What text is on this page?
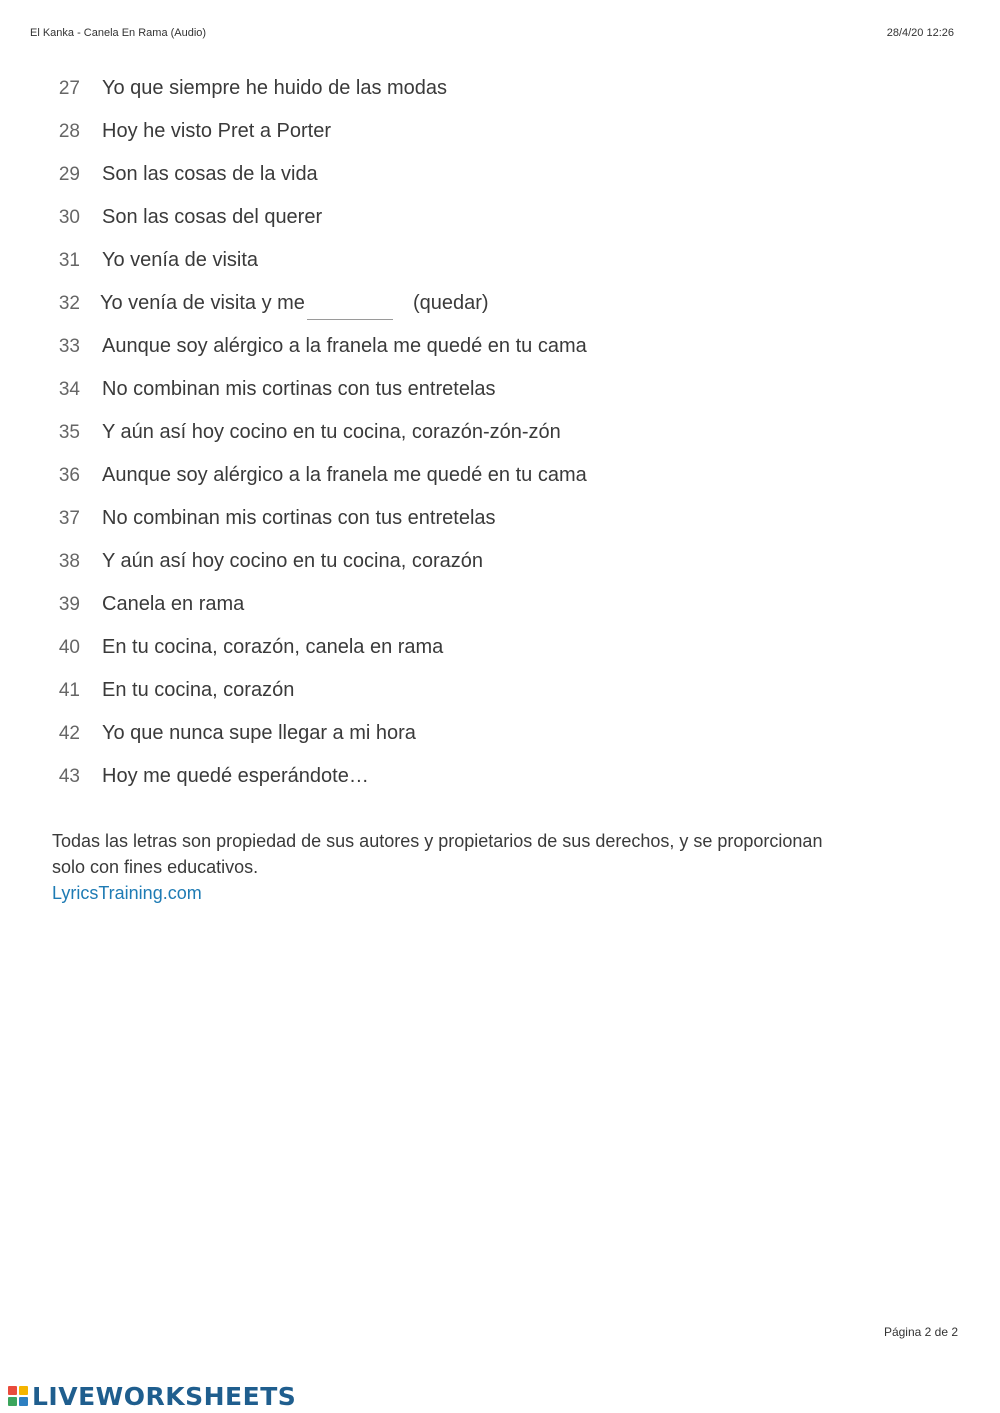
El Kanka - Canela En Rama (Audio)	28/4/20 12:26
27 Yo que siempre he huido de las modas
28 Hoy he visto Pret a Porter
29 Son las cosas de la vida
30 Son las cosas del querer
31 Yo venía de visita
32 Yo venía de visita y me	(quedar)
33 Aunque soy alérgico a la franela me quedé en tu cama
34 No combinan mis cortinas con tus entretelas
35 Y aún así hoy cocino en tu cocina, corazón-zón-zón
36 Aunque soy alérgico a la franela me quedé en tu cama
37 No combinan mis cortinas con tus entretelas
38 Y aún así hoy cocino en tu cocina, corazón
39 Canela en rama
40 En tu cocina, corazón, canela en rama
41 En tu cocina, corazón
42 Yo que nunca supe llegar a mi hora
43 Hoy me quedé esperándote…
Todas las letras son propiedad de sus autores y propietarios de sus derechos, y se proporcionan solo con fines educativos.
LyricsTraining.com
Página 2 de 2
LIVEWORKSHEETS
